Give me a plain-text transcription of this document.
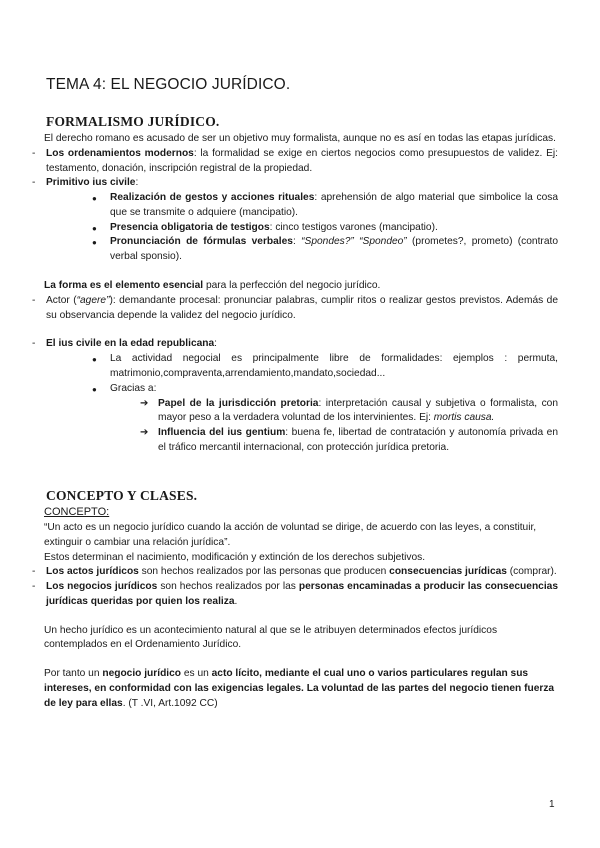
TEMA 4: EL NEGOCIO JURÍDICO.
FORMALISMO JURÍDICO.

El derecho romano es acusado de ser un objetivo muy formalista, aunque no es así en todas las etapas jurídicas.

- Los ordenamientos modernos: la formalidad se exige en ciertos negocios como presupuestos de validez. Ej: testamento, donación, inscripción registral de la propiedad.

- Primitivo ius civile:

● Realización de gestos y acciones rituales: aprehensión de algo material que simbolice la cosa que se transmite o adquiere (mancipatio).

● Presencia obligatoria de testigos: cinco testigos varones (mancipatio).

● Pronunciación de fórmulas verbales: “Spondes?” “Spondeo” (prometes?, prometo) (contrato verbal sponsio).

La forma es el elemento esencial para la perfección del negocio jurídico.

- Actor (“agere”): demandante procesal: pronunciar palabras, cumplir ritos o realizar gestos previstos. Además de su observancia depende la validez del negocio jurídico.

- El ius civile en la edad republicana:

● La actividad negocial es principalmente libre de formalidades: ejemplos : permuta, matrimonio,compraventa,arrendamiento,mandato,sociedad...

● Gracias a:

➔ Papel de la jurisdicción pretoria: interpretación causal y subjetiva o formalista, con mayor peso a la verdadera voluntad de los intervinientes. Ej: mortis causa.

➔ Influencia del ius gentium: buena fe, libertad de contratación y autonomía privada en el tráfico mercantil internacional, con protección jurídica pretoria.

CONCEPTO Y CLASES.

CONCEPTO:

“Un acto es un negocio jurídico cuando la acción de voluntad se dirige, de acuerdo con las leyes, a constituir, extinguir o cambiar una relación jurídica”.

Estos determinan el nacimiento, modificación y extinción de los derechos subjetivos.

- Los actos jurídicos son hechos realizados por las personas que producen consecuencias jurídicas (comprar).

- Los negocios jurídicos son hechos realizados por las personas encaminadas a producir las consecuencias jurídicas queridas por quien los realiza.

Un hecho jurídico es un acontecimiento natural al que se le atribuyen determinados efectos jurídicos contemplados en el Ordenamiento Jurídico.

Por tanto un negocio jurídico es un acto lícito, mediante el cual uno o varios particulares regulan sus intereses, en conformidad con las exigencias legales. La voluntad de las partes del negocio tienen fuerza de ley para ellas. (T .VI, Art.1092 CC)

1
